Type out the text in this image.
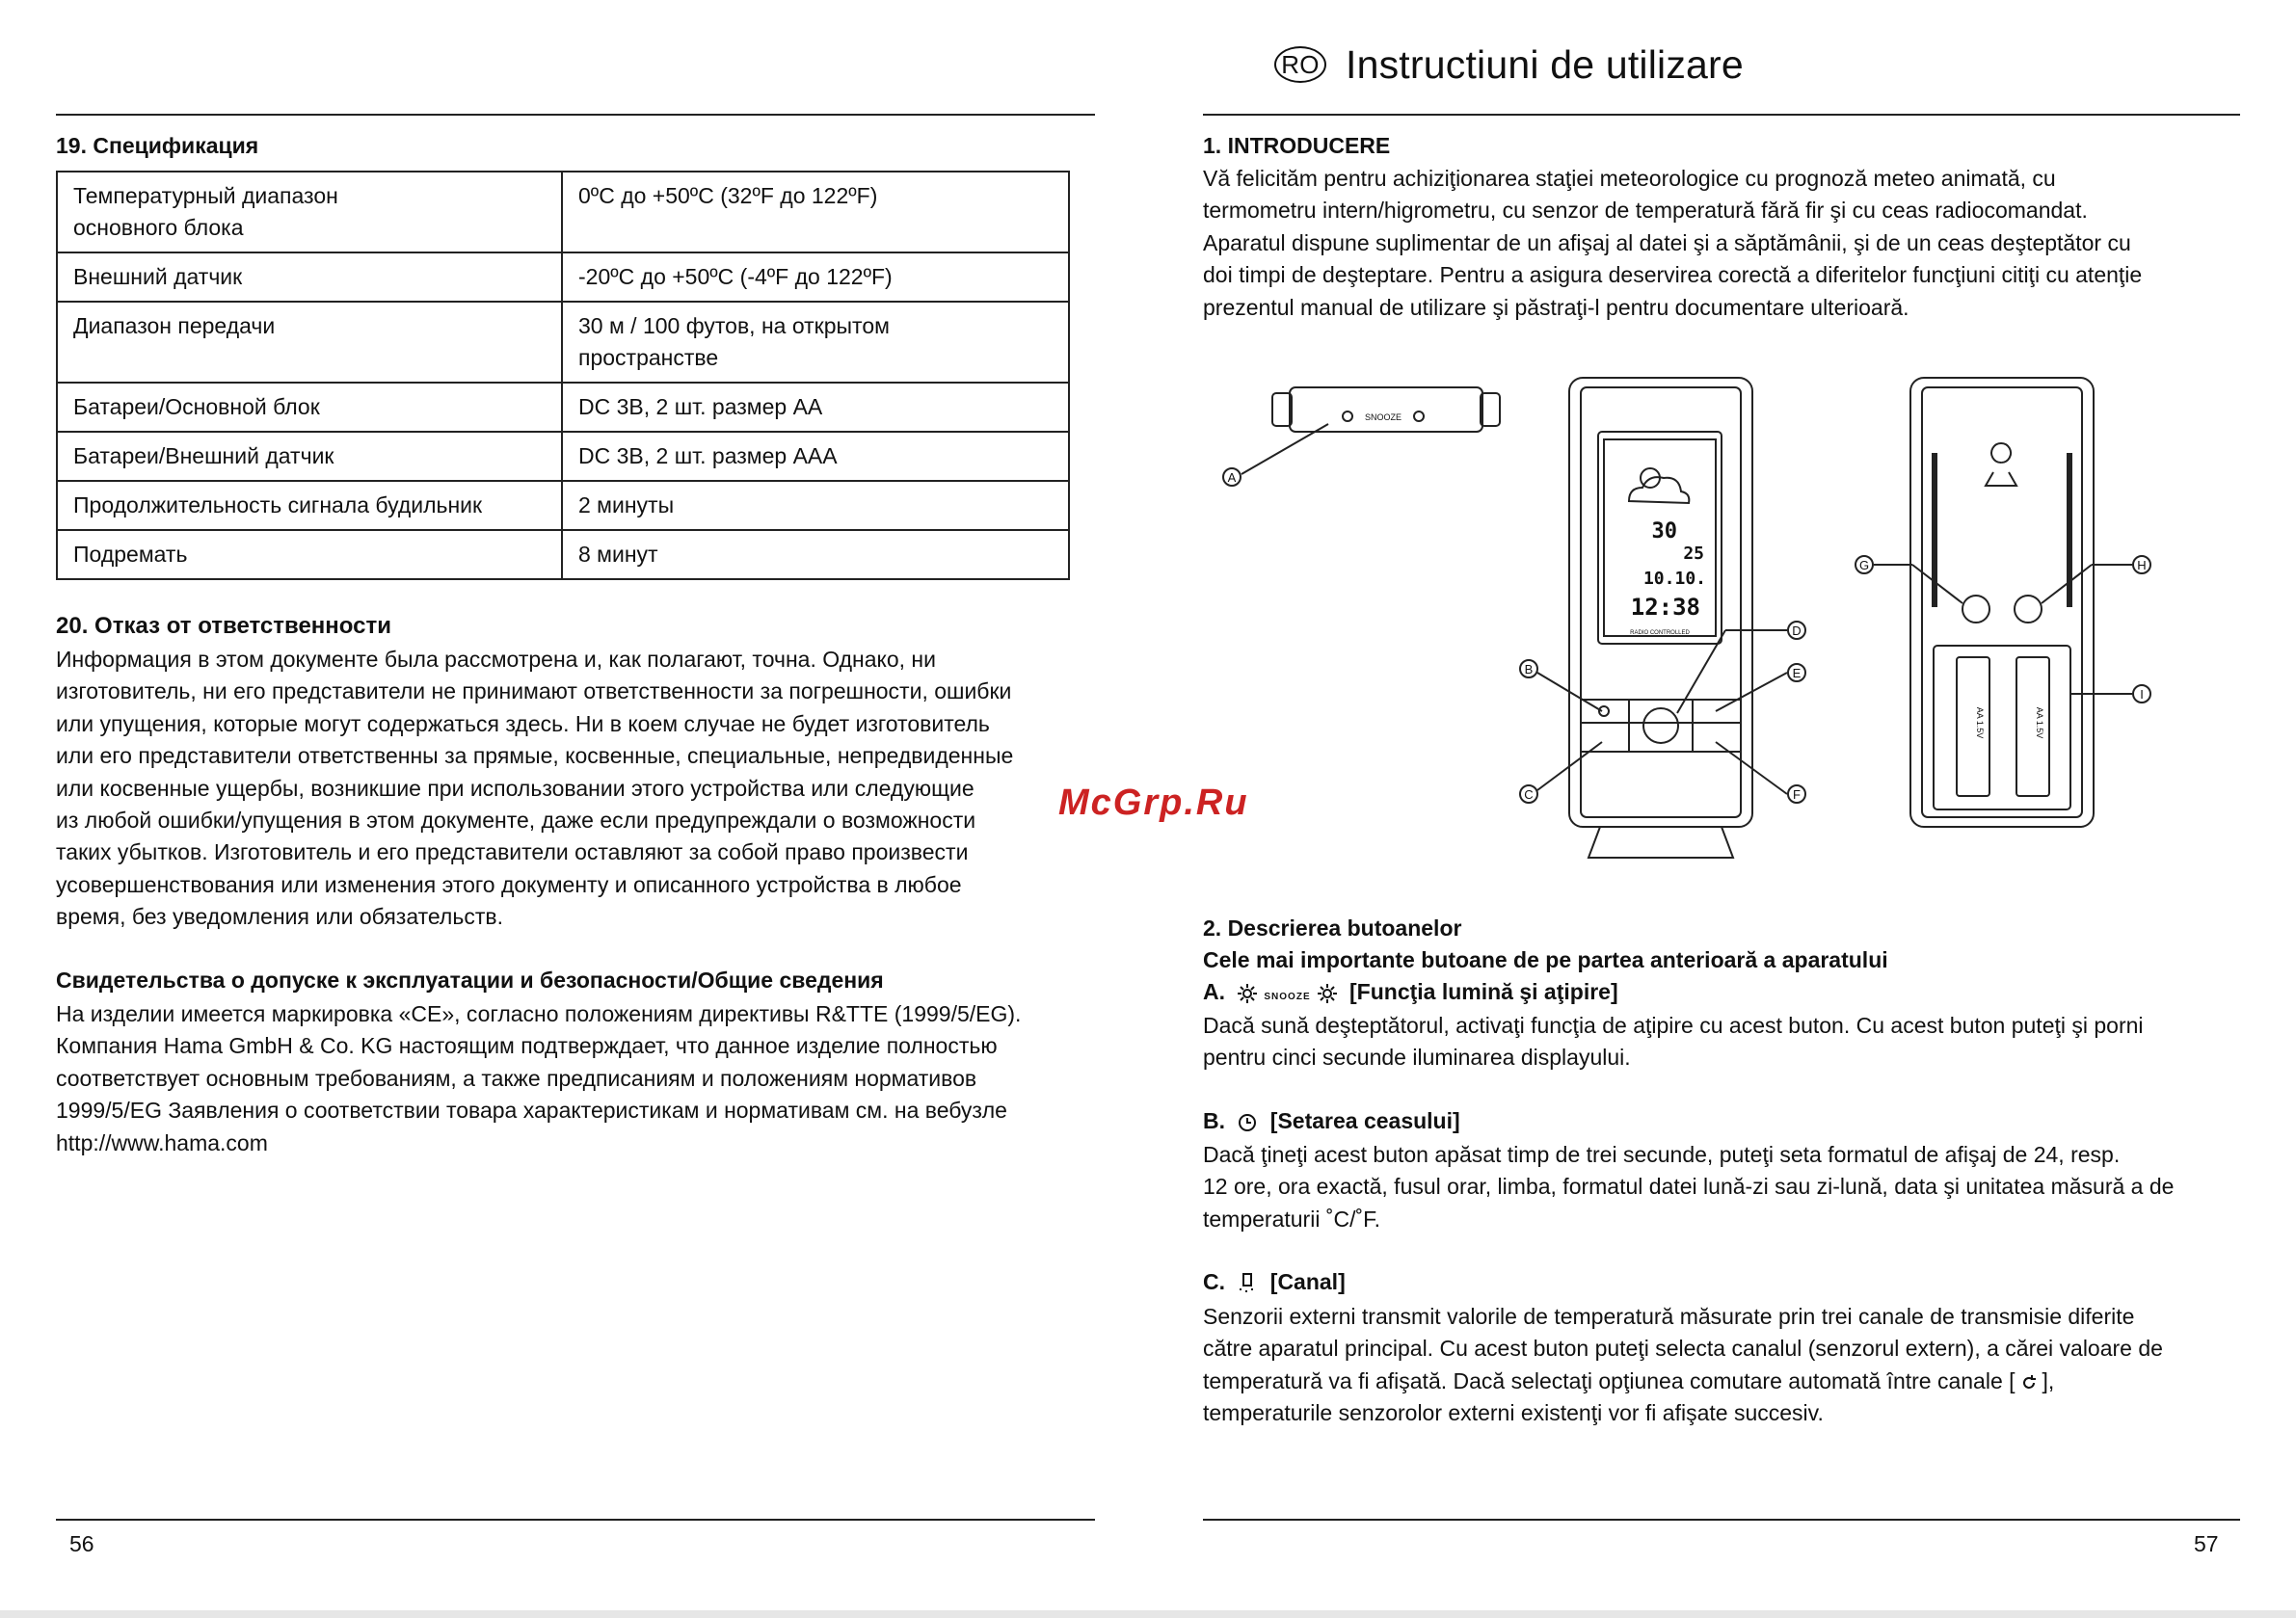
19. Спецификация
Температурный диапазон
основного блока	0ºC до +50ºC (32ºF до 122ºF)

Внешний датчик	-20ºC до +50ºC (-4ºF до 122ºF)

Диапазон передачи	30 м / 100 футов, на открытом
пространстве

Батареи/Основной блок	DC 3В, 2 шт. размер АА

Батареи/Внешний датчик	DC 3В, 2 шт. размер ААА

Продолжительность сигнала будильник	2 минуты

Подремать	8 минут
20. Отказ от ответственности

Информация в этом документе была рассмотрена и, как полагают, точна. Однако, ни

изготовитель, ни его представители не принимают ответственности за погрешности, ошибки

или упущения, которые могут содержаться здесь. Ни в коем случае не будет изготовитель

или его представители ответственны за прямые, косвенные, специальные, непредвиденные

или косвенные ущербы, возникшие при использовании этого устройства или следующие

из любой ошибки/упущения в этом документе, даже если предупреждали о возможности

таких убытков. Изготовитель и его представители оставляют за собой право произвести

усовершенствования или изменения этого документу и описанного устройства в любое

время, без уведомления или обязательств.

Свидетельства о допуске к эксплуатации и безопасности/Общие сведения

На изделии имеется маркировка «CE», согласно положениям директивы R&TTE (1999/5/EG).

Компания Hama GmbH & Co. KG настоящим подтверждает, что данное изделие полностью

соответствует основным требованиям, а также предписаниям и положениям нормативов

1999/5/EG Заявления о соответствии товара характеристикам и нормативам см. на вебузле

http://www.hama.com

56
RO Instructiuni de utilizare
1. INTRODUCERE

Vă felicităm pentru achiziţionarea staţiei meteorologice cu prognoză meteo animată, cu

termometru intern/higrometru, cu senzor de temperatură fără fir şi cu ceas radiocomandat.

Aparatul dispune suplimentar de un afişaj al datei şi a săptămânii, şi de un ceas deşteptător cu

doi timpi de deşteptare. Pentru a asigura deservirea corectă a diferitelor funcţiuni citiţi cu atenţie

prezentul manual de utilizare şi păstraţi-l pentru documentare ulterioară.

A
B
C
D
E
F
G	H
I
SNOOZE
30
25
10.10.
12:38
RADIO CONTROLLED
AA 1.5V	AA 1.5V
2. Descrierea butoanelor
Cele mai importante butoane de pe partea anterioară a aparatului
A.	SNOOZE [Funcţia lumină şi aţipire]

Dacă sună deşteptătorul, activaţi funcţia de aţipire cu acest buton. Cu acest buton puteţi şi porni

pentru cinci secunde iluminarea displayului.

B. [Setarea ceasului]

Dacă ţineţi acest buton apăsat timp de trei secunde, puteţi seta formatul de afişaj de 24, resp.

12 ore, ora exactă, fusul orar, limba, formatul datei lună-zi sau zi-lună, data şi unitatea măsură a de

temperaturii ˚C/˚F.

C. [Canal]

Senzorii externi transmit valorile de temperatură măsurate prin trei canale de transmisie diferite

către aparatul principal. Cu acest buton puteţi selecta canalul (senzorul extern), a cărei valoare de

temperatură va fi afişată. Dacă selectaţi opţiunea comutare automată între canale [ ],

temperaturile senzorolor externi existenţi vor fi afişate succesiv.

57
McGrp.Ru
